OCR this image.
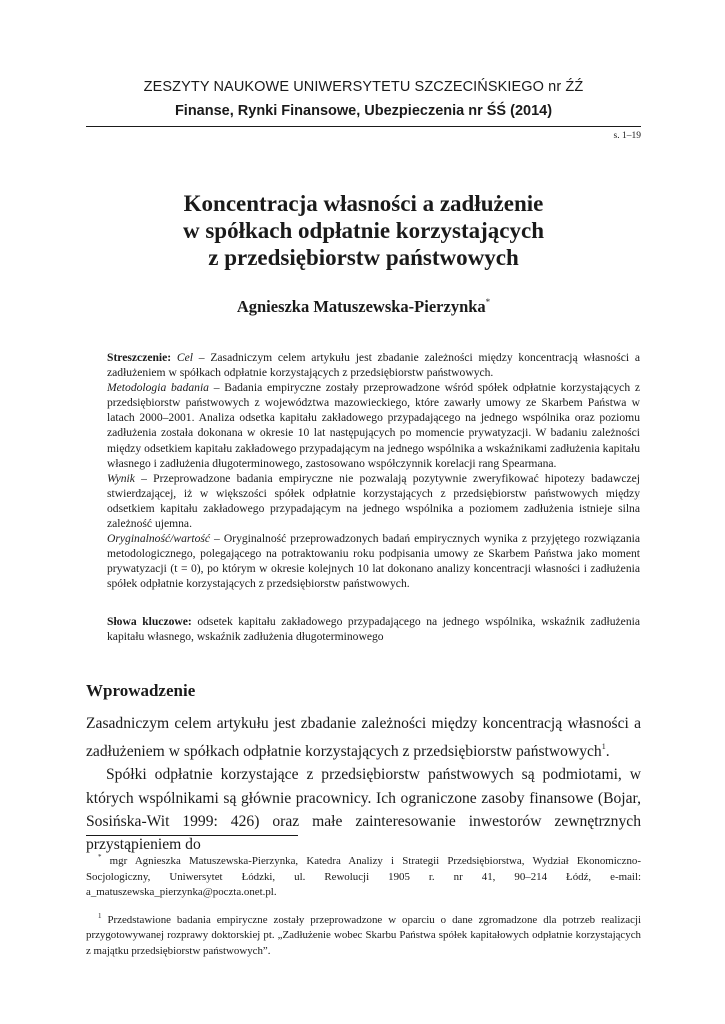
ZESZYTY NAUKOWE UNIWERSYTETU SZCZECIŃSKIEGO nr ŹŹ
Finanse, Rynki Finansowe, Ubezpieczenia nr ŚŚ (2014)
s. 1–19
Koncentracja własności a zadłużenie
w spółkach odpłatnie korzystających
z przedsiębiorstw państwowych
Agnieszka Matuszewska-Pierzynka*

Streszczenie: Cel – Zasadniczym celem artykułu jest zbadanie zależności między koncentracją własności a zadłużeniem w spółkach odpłatnie korzystających z przedsiębiorstw państwowych.

Metodologia badania – Badania empiryczne zostały przeprowadzone wśród spółek odpłatnie korzystających z przedsiębiorstw państwowych z województwa mazowieckiego, które zawarły umowy ze Skarbem Państwa w latach 2000–2001. Analiza odsetka kapitału zakładowego przypadającego na jednego wspólnika oraz poziomu zadłużenia została dokonana w okresie 10 lat następujących po momencie prywatyzacji. W badaniu zależności między odsetkiem kapitału zakładowego przypadającym na jednego wspólnika a wskaźnikami zadłużenia kapitału własnego i zadłużenia długoterminowego, zastosowano współczynnik korelacji rang Spearmana.

Wynik – Przeprowadzone badania empiryczne nie pozwalają pozytywnie zweryfikować hipotezy badawczej stwierdzającej, iż w większości spółek odpłatnie korzystających z przedsiębiorstw państwowych między odsetkiem kapitału zakładowego przypadającym na jednego wspólnika a poziomem zadłużenia istnieje silna zależność ujemna.

Oryginalność/wartość – Oryginalność przeprowadzonych badań empirycznych wynika z przyjętego rozwiązania metodologicznego, polegającego na potraktowaniu roku podpisania umowy ze Skarbem Państwa jako moment prywatyzacji (t = 0), po którym w okresie kolejnych 10 lat dokonano analizy koncentracji własności i zadłużenia spółek odpłatnie korzystających z przedsiębiorstw państwowych.

Słowa kluczowe: odsetek kapitału zakładowego przypadającego na jednego wspólnika, wskaźnik zadłużenia kapitału własnego, wskaźnik zadłużenia długoterminowego
Wprowadzenie

Zasadniczym celem artykułu jest zbadanie zależności między koncentracją własności a zadłużeniem w spółkach odpłatnie korzystających z przedsiębiorstw państwowych$^1$.

Spółki odpłatnie korzystające z przedsiębiorstw państwowych są podmiotami, w których wspólnikami są głównie pracownicy. Ich ograniczone zasoby finansowe (Bojar, Sosińska-Wit 1999: 426) oraz małe zainteresowanie inwestorów zewnętrznych przystąpieniem do

* mgr Agnieszka Matuszewska-Pierzynka, Katedra Analizy i Strategii Przedsiębiorstwa, Wydział Ekonomiczno-Socjologiczny, Uniwersytet Łódzki, ul. Rewolucji 1905 r. nr 41, 90–214 Łódź, e-mail: a_matuszewska_pierzynka@poczta.onet.pl.

$^1$ Przedstawione badania empiryczne zostały przeprowadzone w oparciu o dane zgromadzone dla potrzeb realizacji przygotowywanej rozprawy doktorskiej pt. „Zadłużenie wobec Skarbu Państwa spółek kapitałowych odpłatnie korzystających z majątku przedsiębiorstw państwowych”.
